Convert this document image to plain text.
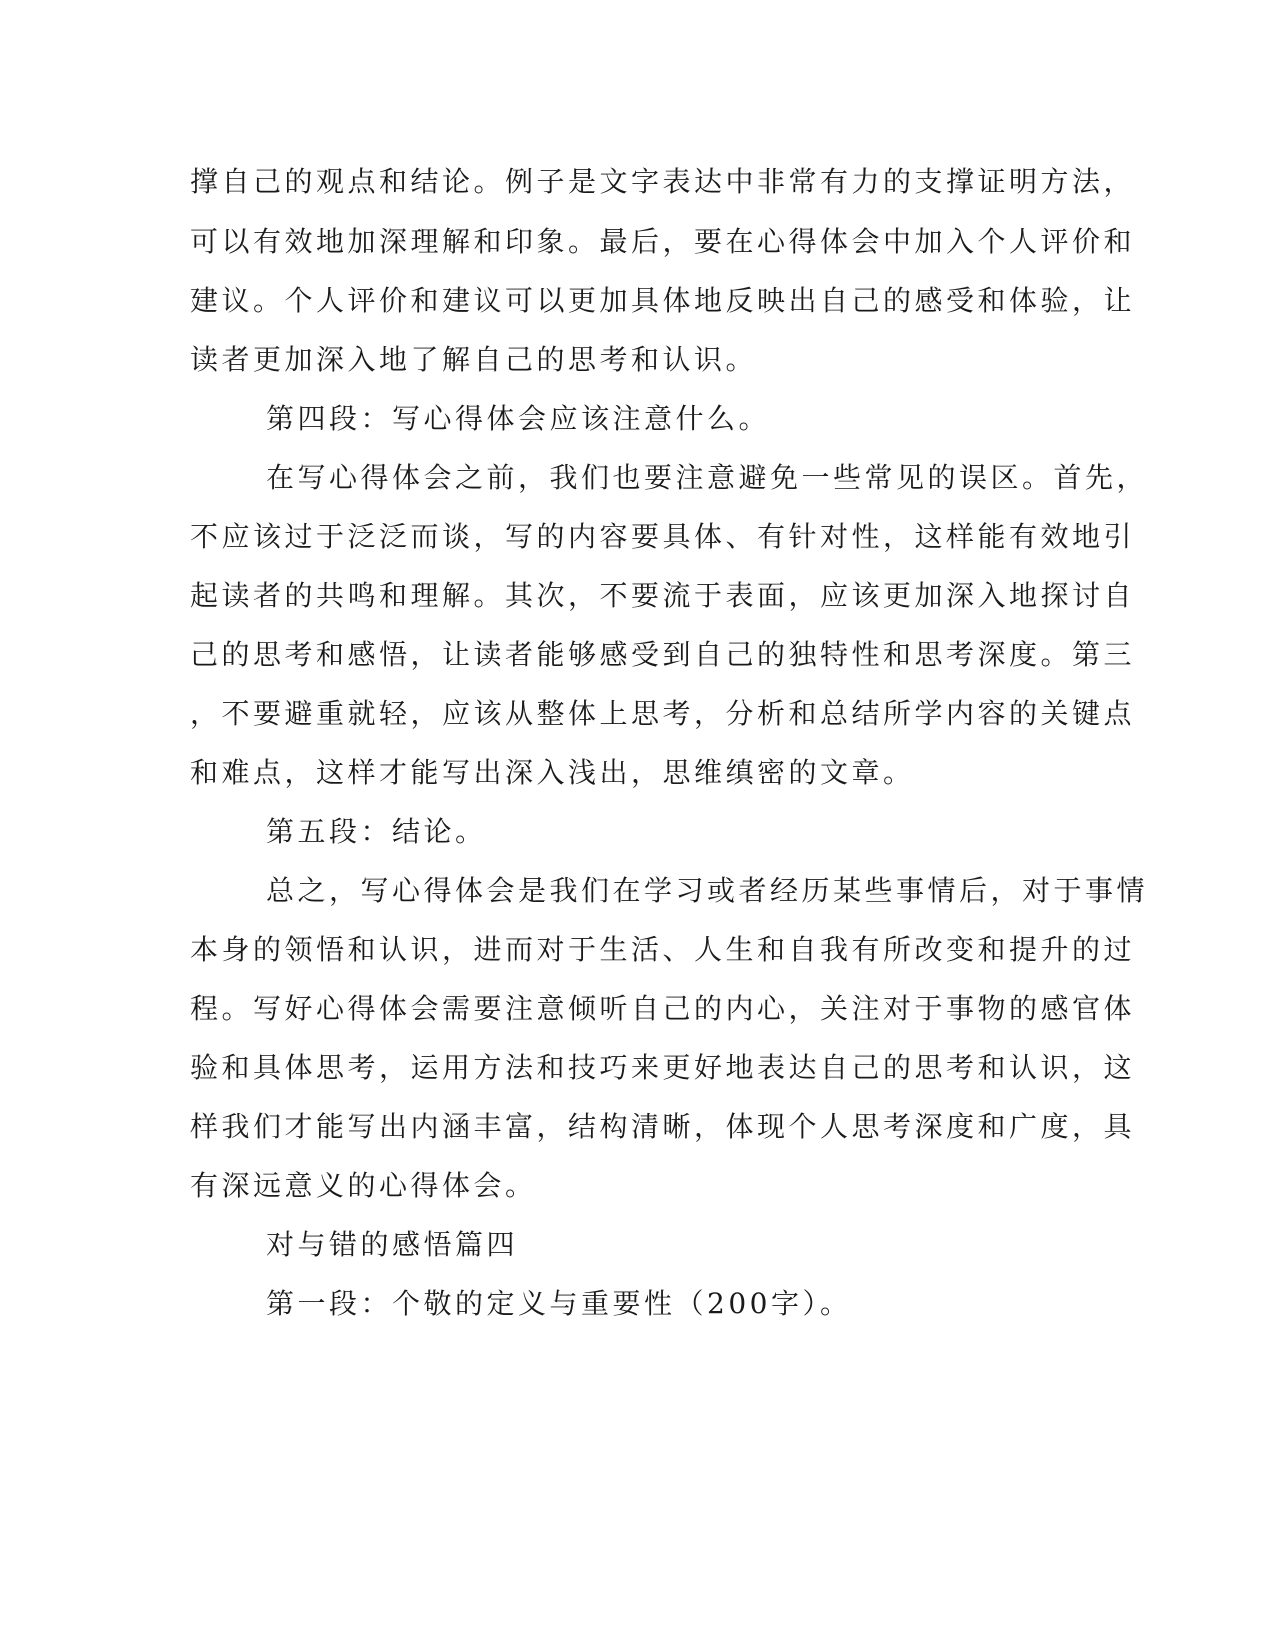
撑自己的观点和结论。例子是文字表达中非常有力的支撑证明方法，
可以有效地加深理解和印象。最后，要在心得体会中加入个人评价和
建议。个人评价和建议可以更加具体地反映出自己的感受和体验，让
读者更加深入地了解自己的思考和认识。
第四段：写心得体会应该注意什么。
在写心得体会之前，我们也要注意避免一些常见的误区。首先，
不应该过于泛泛而谈，写的内容要具体、有针对性，这样能有效地引
起读者的共鸣和理解。其次，不要流于表面，应该更加深入地探讨自
己的思考和感悟，让读者能够感受到自己的独特性和思考深度。第三
，不要避重就轻，应该从整体上思考，分析和总结所学内容的关键点
和难点，这样才能写出深入浅出，思维缜密的文章。
第五段：结论。
总之，写心得体会是我们在学习或者经历某些事情后，对于事情
本身的领悟和认识，进而对于生活、人生和自我有所改变和提升的过
程。写好心得体会需要注意倾听自己的内心，关注对于事物的感官体
验和具体思考，运用方法和技巧来更好地表达自己的思考和认识，这
样我们才能写出内涵丰富，结构清晰，体现个人思考深度和广度，具
有深远意义的心得体会。
对与错的感悟篇四
第一段：个敬的定义与重要性（200字）。
